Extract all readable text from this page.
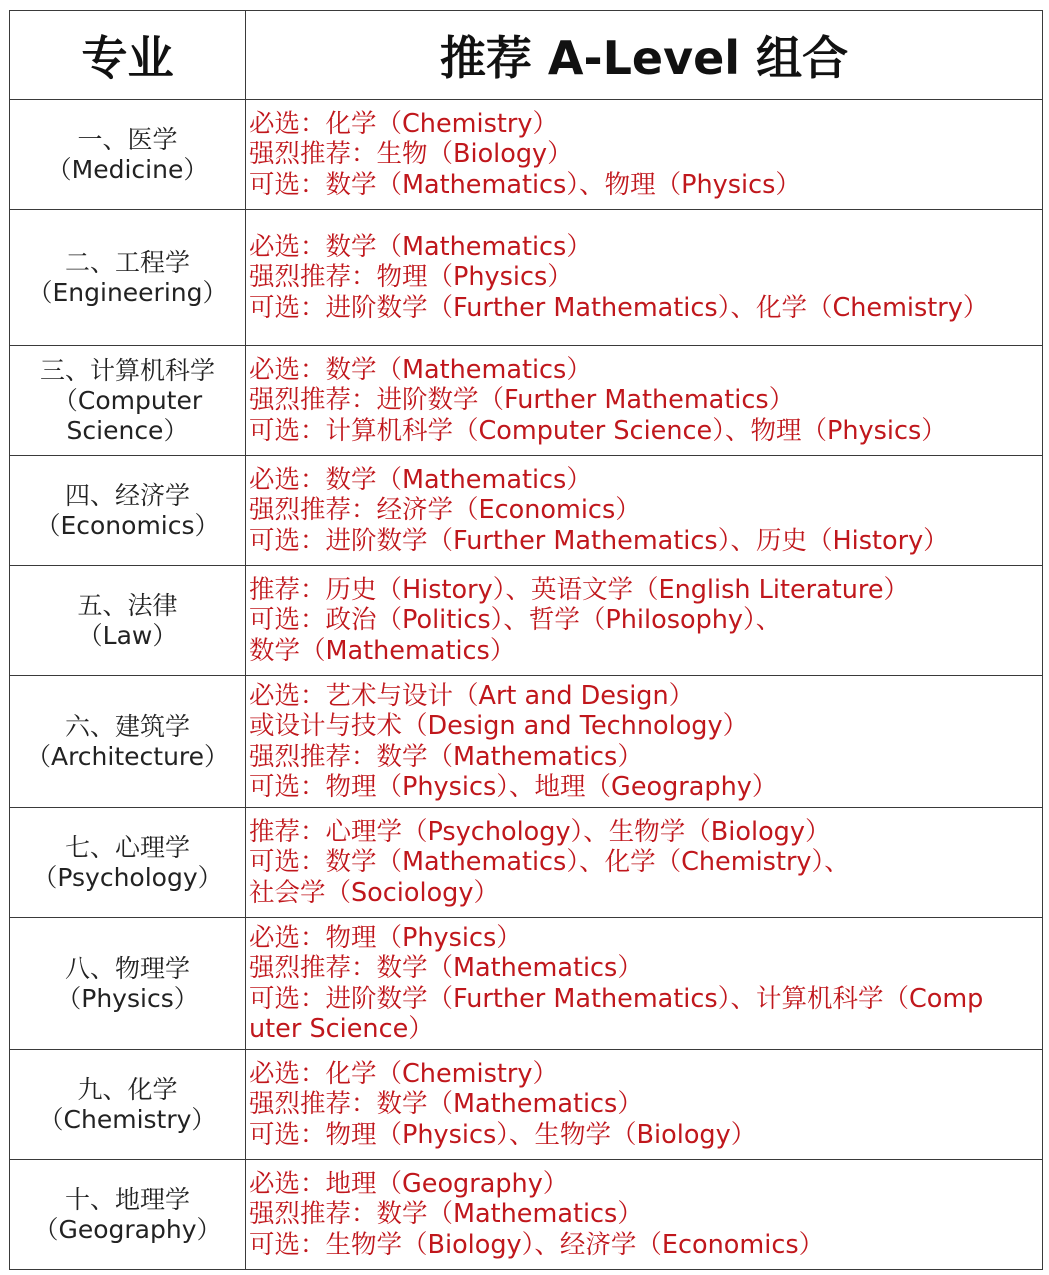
专业	推荐 A-Level 组合

一、医学
（Medicine）	必选：化学（Chemistry）
强烈推荐：生物（Biology）
可选：数学（Mathematics）、物理（Physics）

二、工程学
（Engineering）	必选：数学（Mathematics）
强烈推荐：物理（Physics）
可选：进阶数学（Further Mathematics）、化学（Chemistry）

三、计算机科学
（Computer
Science）	必选：数学（Mathematics）
强烈推荐：进阶数学（Further Mathematics）
可选：计算机科学（Computer Science）、物理（Physics）

四、经济学
（Economics）	必选：数学（Mathematics）
强烈推荐：经济学（Economics）
可选：进阶数学（Further Mathematics）、历史（History）

五、法律
（Law）	推荐：历史（History）、英语文学（English Literature）
可选：政治（Politics）、哲学（Philosophy）、
数学（Mathematics）

六、建筑学
（Architecture）	必选：艺术与设计（Art and Design）
或设计与技术（Design and Technology）
强烈推荐：数学（Mathematics）
可选：物理（Physics）、地理（Geography）

七、心理学
（Psychology）	推荐：心理学（Psychology）、生物学（Biology）
可选：数学（Mathematics）、化学（Chemistry）、
社会学（Sociology）

八、物理学
（Physics）	必选：物理（Physics）
强烈推荐：数学（Mathematics）
可选：进阶数学（Further Mathematics）、计算机科学（Comp
uter Science）

九、化学
（Chemistry）	必选：化学（Chemistry）
强烈推荐：数学（Mathematics）
可选：物理（Physics）、生物学（Biology）

十、地理学
（Geography）	必选：地理（Geography）
强烈推荐：数学（Mathematics）
可选：生物学（Biology）、经济学（Economics）
